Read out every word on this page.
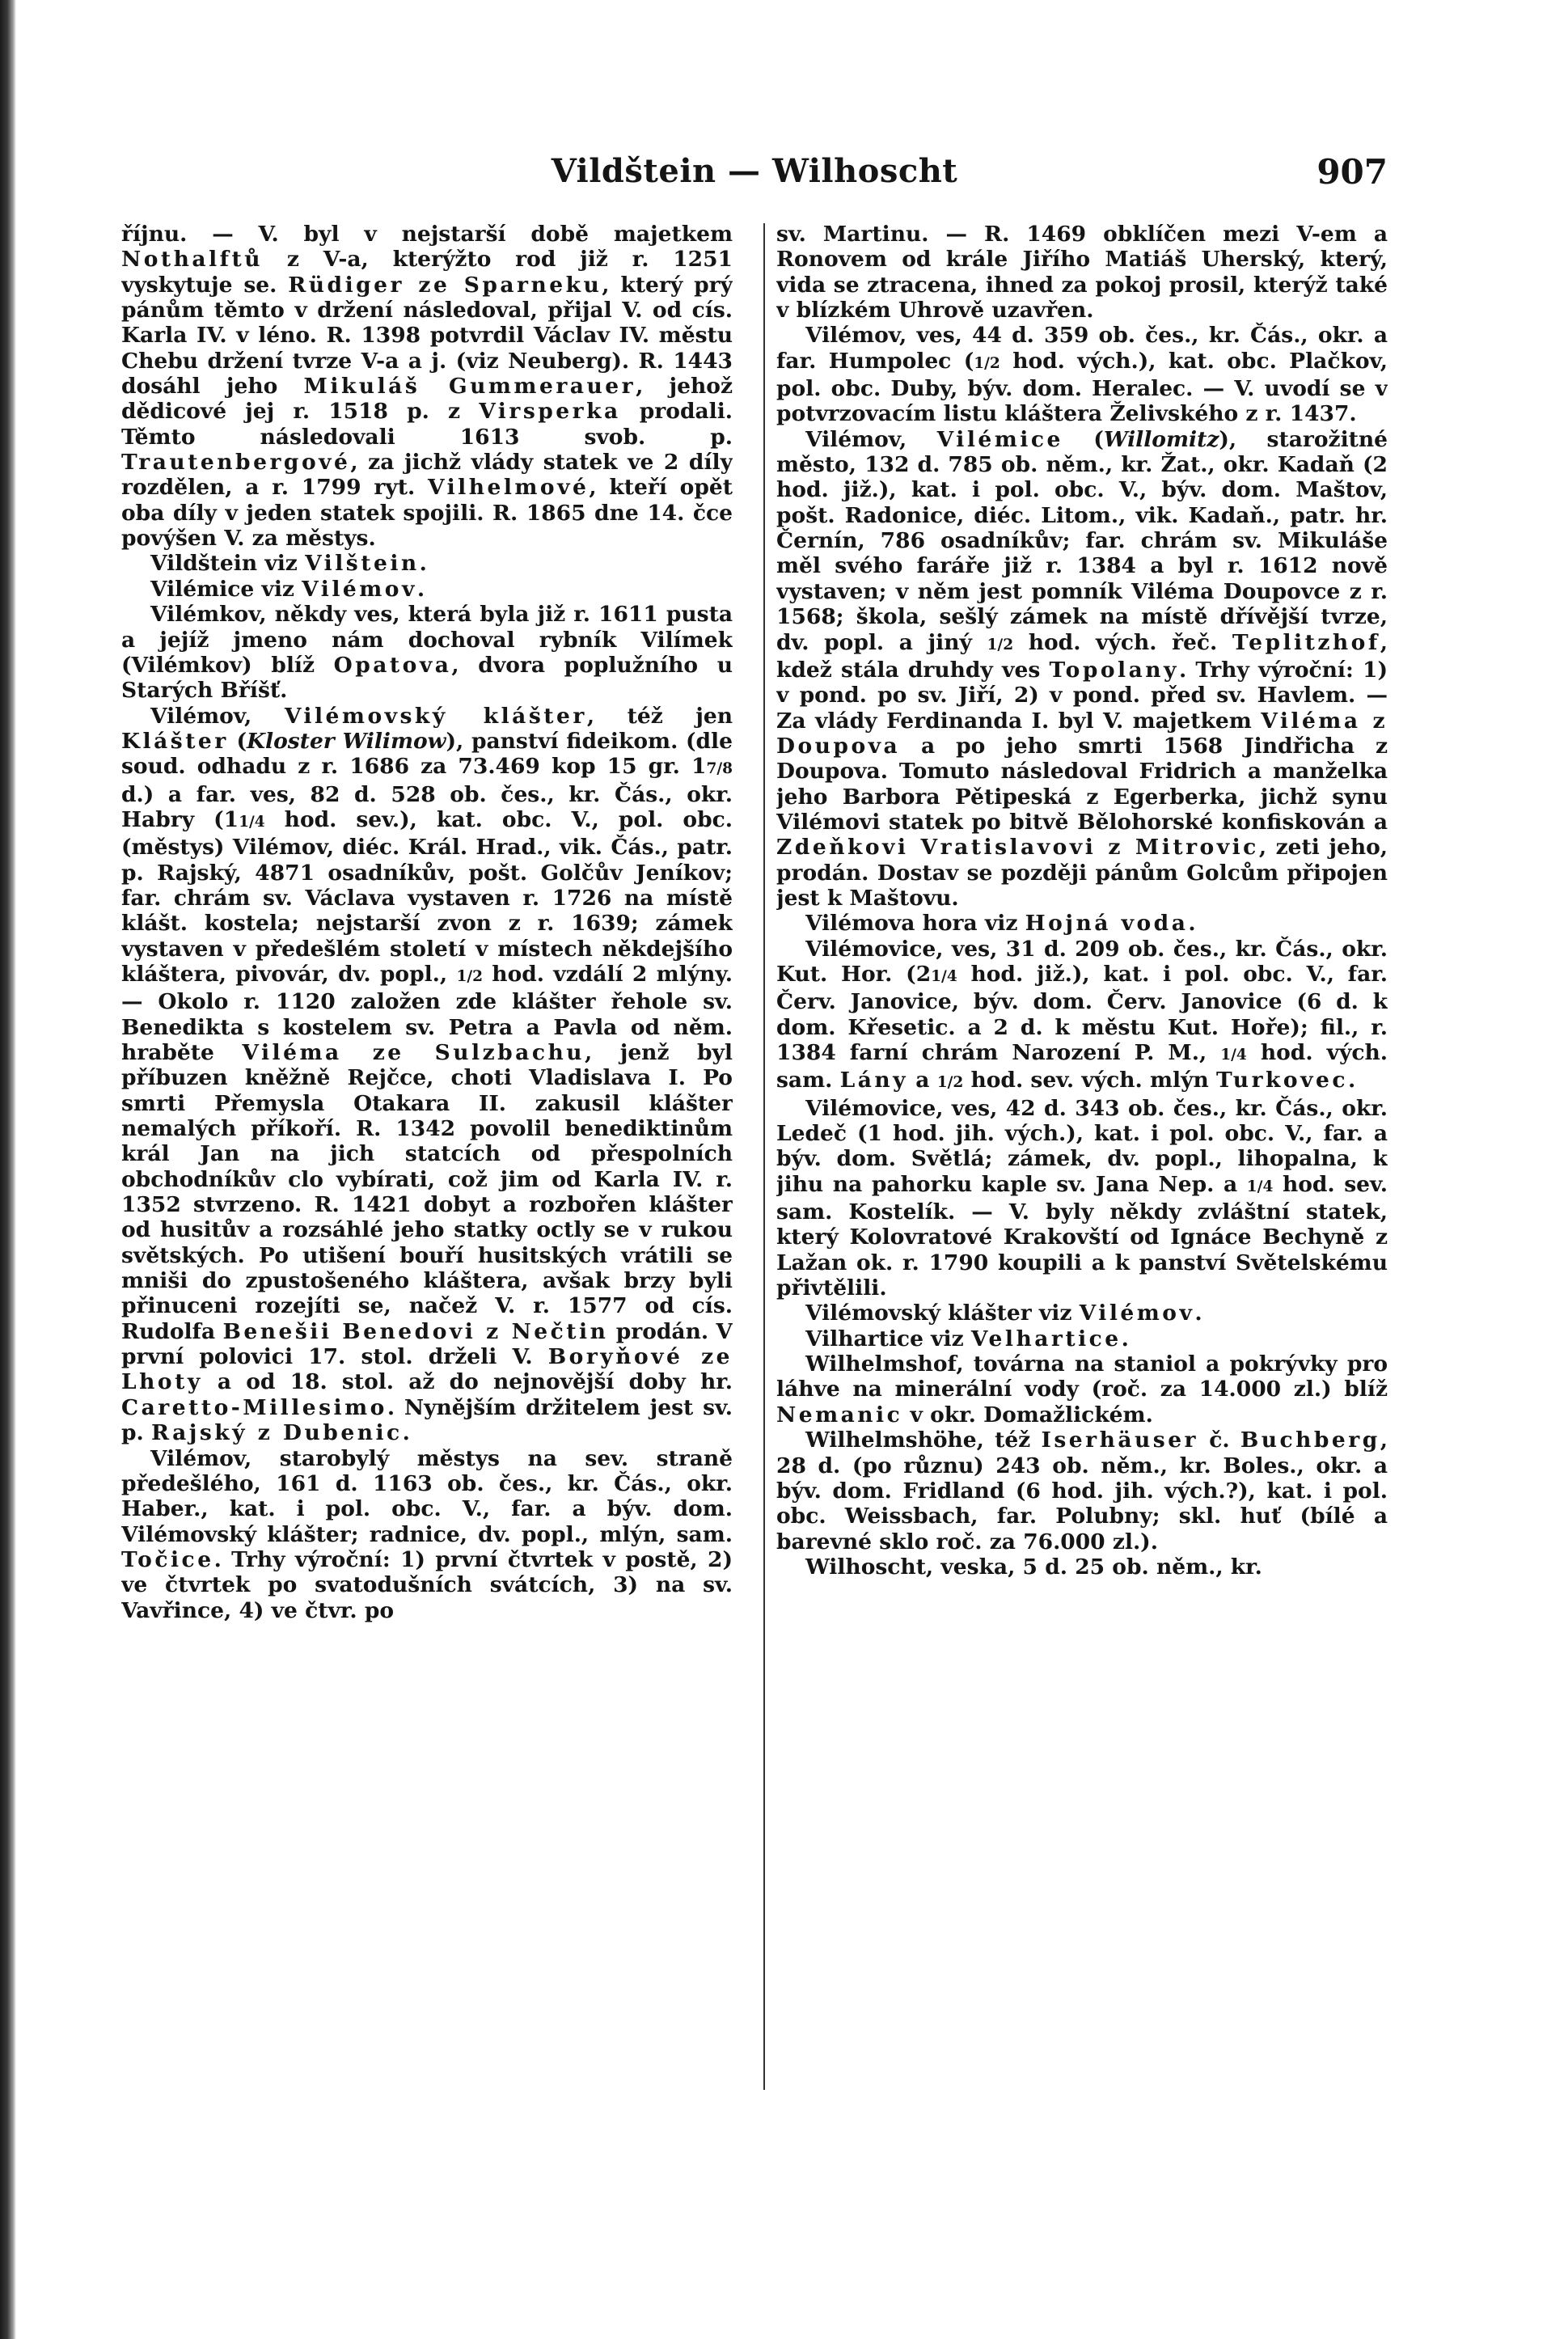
Vildštein — Wilhoscht	907

říjnu. — V. byl v nejstarší době majetkem Nothalftů z V-a, kterýžto rod již r. 1251 vyskytuje se. Rüdiger ze Sparneku, který prý pánům těmto v držení následoval, přijal V. od cís. Karla IV. v léno. R. 1398 potvrdil Václav IV. městu Chebu držení tvrze V-a a j. (viz Neuberg). R. 1443 dosáhl jeho Mikuláš Gummerauer, jehož dědicové jej r. 1518 p. z Virsperka prodali. Těmto následovali 1613 svob. p. Trautenbergové, za jichž vlády statek ve 2 díly rozdělen, a r. 1799 ryt. Vilhelmové, kteří opět oba díly v jeden statek spojili. R. 1865 dne 14. čce povýšen V. za městys.

Vildštein viz Vilštein.

Vilémice viz Vilémov.

Vilémkov, někdy ves, která byla již r. 1611 pusta a jejíž jmeno nám dochoval rybník Vilímek (Vilémkov) blíž Opatova, dvora poplužního u Starých Bříšť.

Vilémov, Vilémovský klášter, též jen Klášter (Kloster Wilimow), panství fideikom. (dle soud. odhadu z r. 1686 za 73.469 kop 15 gr. 17/8 d.) a far. ves, 82 d. 528 ob. čes., kr. Čás., okr. Habry (11/4 hod. sev.), kat. obc. V., pol. obc. (městys) Vilémov, diéc. Král. Hrad., vik. Čás., patr. p. Rajský, 4871 osadníkův, pošt. Golčův Jeníkov; far. chrám sv. Václava vystaven r. 1726 na místě klášt. kostela; nejstarší zvon z r. 1639; zámek vystaven v předešlém století v místech někdejšího kláštera, pivovár, dv. popl., 1/2 hod. vzdálí 2 mlýny. — Okolo r. 1120 založen zde klášter řehole sv. Benedikta s kostelem sv. Petra a Pavla od něm. hraběte Viléma ze Sulzbachu, jenž byl příbuzen kněžně Rejčce, choti Vladislava I. Po smrti Přemysla Otakara II. zakusil klášter nemalých příkoří. R. 1342 povolil benediktinům král Jan na jich statcích od přespolních obchodníkův clo vybírati, což jim od Karla IV. r. 1352 stvrzeno. R. 1421 dobyt a rozbořen klášter od husitův a rozsáhlé jeho statky octly se v rukou světských. Po utišení bouří husitských vrátili se mniši do zpustošeného kláštera, avšak brzy byli přinuceni rozejíti se, načež V. r. 1577 od cís. Rudolfa Benešii Benedovi z Nečtin prodán. V první polovici 17. stol. drželi V. Boryňové ze Lhoty a od 18. stol. až do nejnovější doby hr. Caretto-Millesimo. Nynějším držitelem jest sv. p. Rajský z Dubenic.

Vilémov, starobylý městys na sev. straně předešlého, 161 d. 1163 ob. čes., kr. Čás., okr. Haber., kat. i pol. obc. V., far. a býv. dom. Vilémovský klášter; radnice, dv. popl., mlýn, sam. Točice. Trhy výroční: 1) první čtvrtek v postě, 2) ve čtvrtek po svatodušních svátcích, 3) na sv. Vavřince, 4) ve čtvr. po

sv. Martinu. — R. 1469 obklíčen mezi V-em a Ronovem od krále Jiřího Matiáš Uherský, který, vida se ztracena, ihned za pokoj prosil, kterýž také v blízkém Uhrově uzavřen.

Vilémov, ves, 44 d. 359 ob. čes., kr. Čás., okr. a far. Humpolec (1/2 hod. vých.), kat. obc. Plačkov, pol. obc. Duby, býv. dom. Heralec. — V. uvodí se v potvrzovacím listu kláštera Želivského z r. 1437.

Vilémov, Vilémice (Willomitz), starožitné město, 132 d. 785 ob. něm., kr. Žat., okr. Kadaň (2 hod. již.), kat. i pol. obc. V., býv. dom. Maštov, pošt. Radonice, diéc. Litom., vik. Kadaň., patr. hr. Černín, 786 osadníkův; far. chrám sv. Mikuláše měl svého faráře již r. 1384 a byl r. 1612 nově vystaven; v něm jest pomník Viléma Doupovce z r. 1568; škola, sešlý zámek na místě dřívější tvrze, dv. popl. a jiný 1/2 hod. vých. řeč. Teplitzhof, kdež stála druhdy ves Topolany. Trhy výroční: 1) v pond. po sv. Jiří, 2) v pond. před sv. Havlem. — Za vlády Ferdinanda I. byl V. majetkem Viléma z Doupova a po jeho smrti 1568 Jindřicha z Doupova. Tomuto následoval Fridrich a manželka jeho Barbora Pětipeská z Egerberka, jichž synu Vilémovi statek po bitvě Bělohorské konfiskován a Zdeňkovi Vratislavovi z Mitrovic, zeti jeho, prodán. Dostav se později pánům Golcům připojen jest k Maštovu.

Vilémova hora viz Hojná voda.

Vilémovice, ves, 31 d. 209 ob. čes., kr. Čás., okr. Kut. Hor. (21/4 hod. již.), kat. i pol. obc. V., far. Červ. Janovice, býv. dom. Červ. Janovice (6 d. k dom. Křesetic. a 2 d. k městu Kut. Hoře); fil., r. 1384 farní chrám Narození P. M., 1/4 hod. vých. sam. Lány a 1/2 hod. sev. vých. mlýn Turkovec.

Vilémovice, ves, 42 d. 343 ob. čes., kr. Čás., okr. Ledeč (1 hod. jih. vých.), kat. i pol. obc. V., far. a býv. dom. Světlá; zámek, dv. popl., lihopalna, k jihu na pahorku kaple sv. Jana Nep. a 1/4 hod. sev. sam. Kostelík. — V. byly někdy zvláštní statek, který Kolovratové Krakovští od Ignáce Bechyně z Lažan ok. r. 1790 koupili a k panství Světelskému přivtělili.

Vilémovský klášter viz Vilémov.

Vilhartice viz Velhartice.

Wilhelmshof, továrna na staniol a pokrývky pro láhve na minerální vody (roč. za 14.000 zl.) blíž Nemanic v okr. Domažlickém.

Wilhelmshöhe, též Iserhäuser č. Buchberg, 28 d. (po různu) 243 ob. něm., kr. Boles., okr. a býv. dom. Fridland (6 hod. jih. vých.?), kat. i pol. obc. Weissbach, far. Polubny; skl. huť (bílé a barevné sklo roč. za 76.000 zl.).

Wilhoscht, veska, 5 d. 25 ob. něm., kr.
